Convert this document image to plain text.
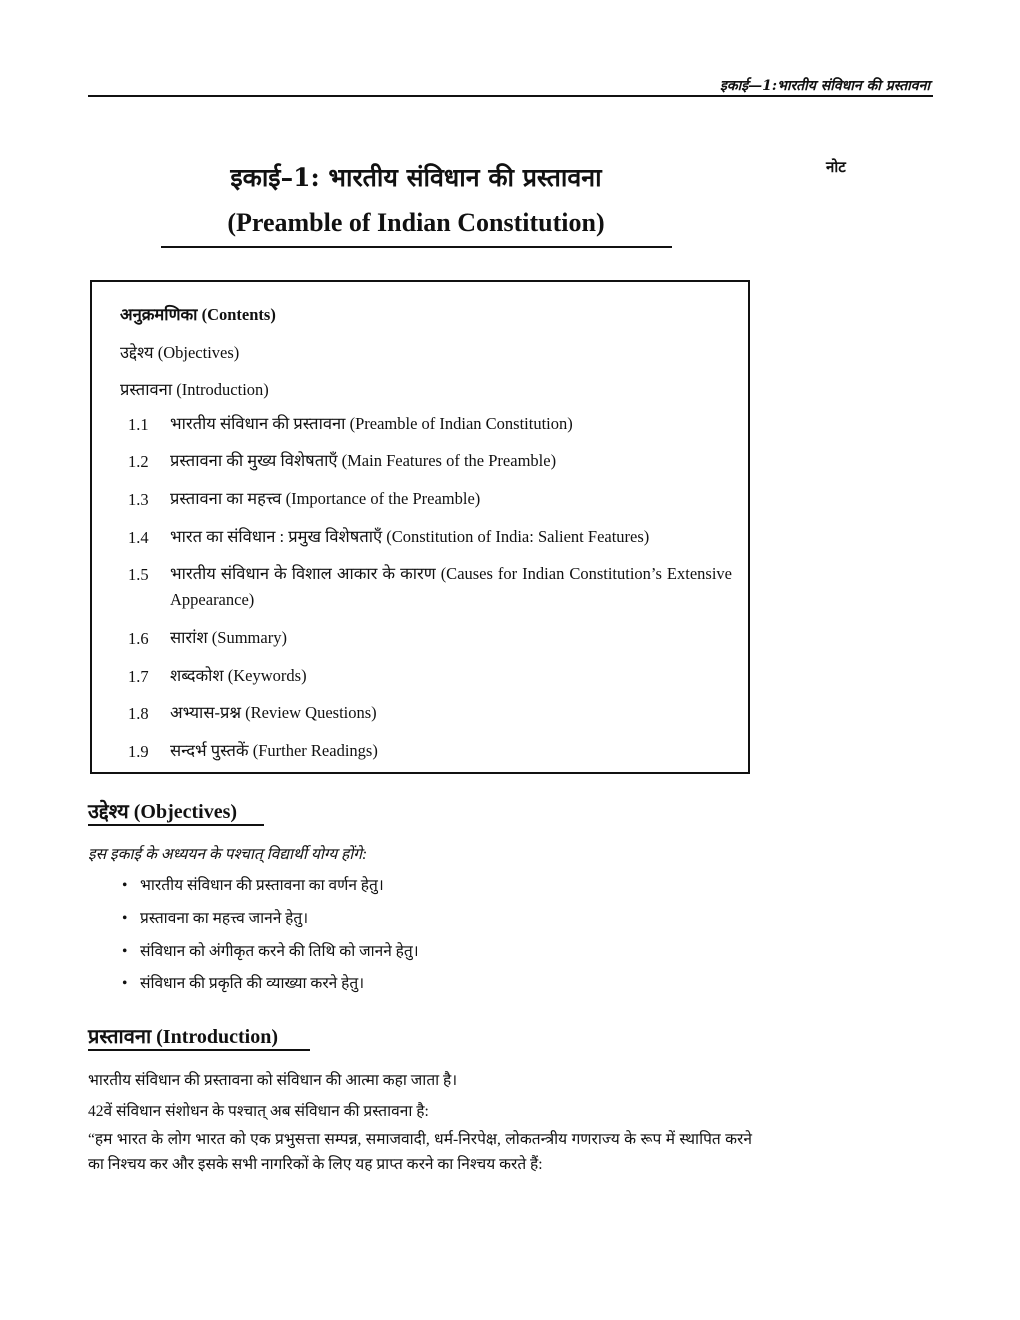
इकाई—1:भारतीय संविधान की प्रस्तावना
नोट
इकाई–1: भारतीय संविधान की प्रस्तावना
(Preamble of Indian Constitution)
अनुक्रमणिका (Contents)
उद्देश्य (Objectives)
प्रस्तावना (Introduction)
1.1 भारतीय संविधान की प्रस्तावना (Preamble of Indian Constitution)
1.2 प्रस्तावना की मुख्य विशेषताएँ (Main Features of the Preamble)
1.3 प्रस्तावना का महत्त्व (Importance of the Preamble)
1.4 भारत का संविधान : प्रमुख विशेषताएँ (Constitution of India: Salient Features)
1.5 भारतीय संविधान के विशाल आकार के कारण (Causes for Indian Constitution’s Extensive Appearance)
1.6 सारांश (Summary)
1.7 शब्दकोश (Keywords)
1.8 अभ्यास-प्रश्न (Review Questions)
1.9 सन्दर्भ पुस्तकें (Further Readings)
उद्देश्य (Objectives)
इस इकाई के अध्ययन के पश्चात् विद्यार्थी योग्य होंगे:
• भारतीय संविधान की प्रस्तावना का वर्णन हेतु।
• प्रस्तावना का महत्त्व जानने हेतु।
• संविधान को अंगीकृत करने की तिथि को जानने हेतु।
• संविधान की प्रकृति की व्याख्या करने हेतु।
प्रस्तावना (Introduction)
भारतीय संविधान की प्रस्तावना को संविधान की आत्मा कहा जाता है।
42वें संविधान संशोधन के पश्चात् अब संविधान की प्रस्तावना है:
“हम भारत के लोग भारत को एक प्रभुसत्ता सम्पन्न, समाजवादी, धर्म-निरपेक्ष, लोकतन्त्रीय गणराज्य के रूप में स्थापित करने का निश्चय कर और इसके सभी नागरिकों के लिए यह प्राप्त करने का निश्चय करते हैं:
